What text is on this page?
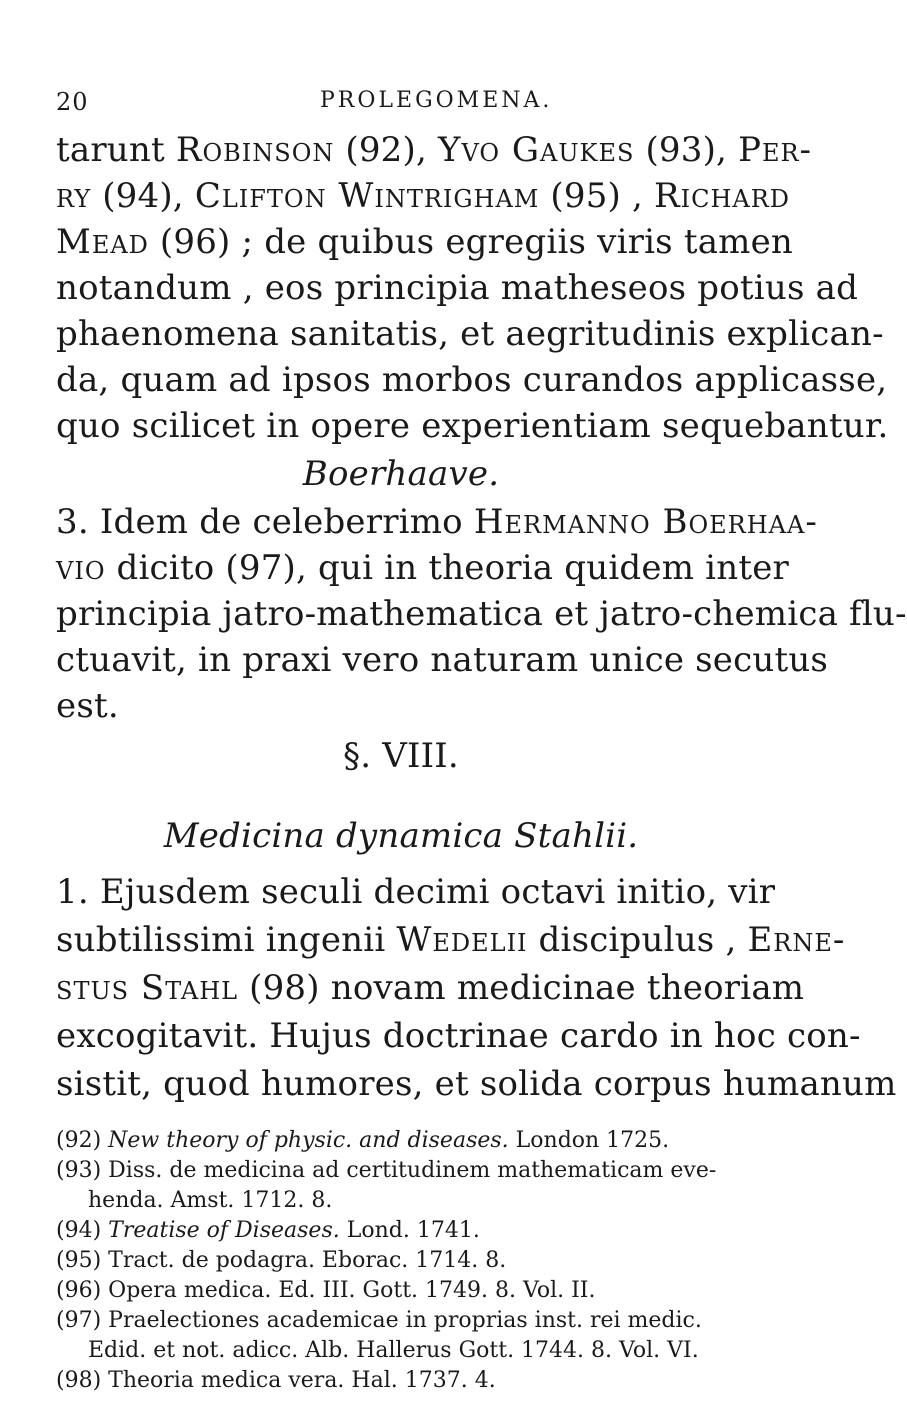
20	PROLEGOMENA.
tarunt Robinson (92), Yvo Gaukes (93), Per-
ry (94), Clifton Wintrigham (95) , Richard
Mead (96) ; de quibus egregiis viris tamen
notandum , eos principia matheseos potius ad
phaenomena sanitatis, et aegritudinis explican-
da, quam ad ipsos morbos curandos applicasse,
quo scilicet in opere experientiam sequebantur.
Boerhaave.
3. Idem de celeberrimo Hermanno Boerhaa-
vio dicito (97), qui in theoria quidem inter
principia jatro-mathematica et jatro-chemica flu-
ctuavit, in praxi vero naturam unice secutus
est.
§. VIII.
Medicina dynamica Stahlii.
1. Ejusdem seculi decimi octavi initio, vir
subtilissimi ingenii Wedelii discipulus , Erne-
stus Stahl (98) novam medicinae theoriam
excogitavit. Hujus doctrinae cardo in hoc con-
sistit, quod humores, et solida corpus humanum
(92) New theory of physic. and diseases. London 1725.
(93) Diss. de medicina ad certitudinem mathematicam eve-
henda. Amst. 1712. 8.
(94) Treatise of Diseases. Lond. 1741.
(95) Tract. de podagra. Eborac. 1714. 8.
(96) Opera medica. Ed. III. Gott. 1749. 8. Vol. II.
(97) Praelectiones academicae in proprias inst. rei medic.
Edid. et not. adicc. Alb. Hallerus Gott. 1744. 8. Vol. VI.
(98) Theoria medica vera. Hal. 1737. 4.
